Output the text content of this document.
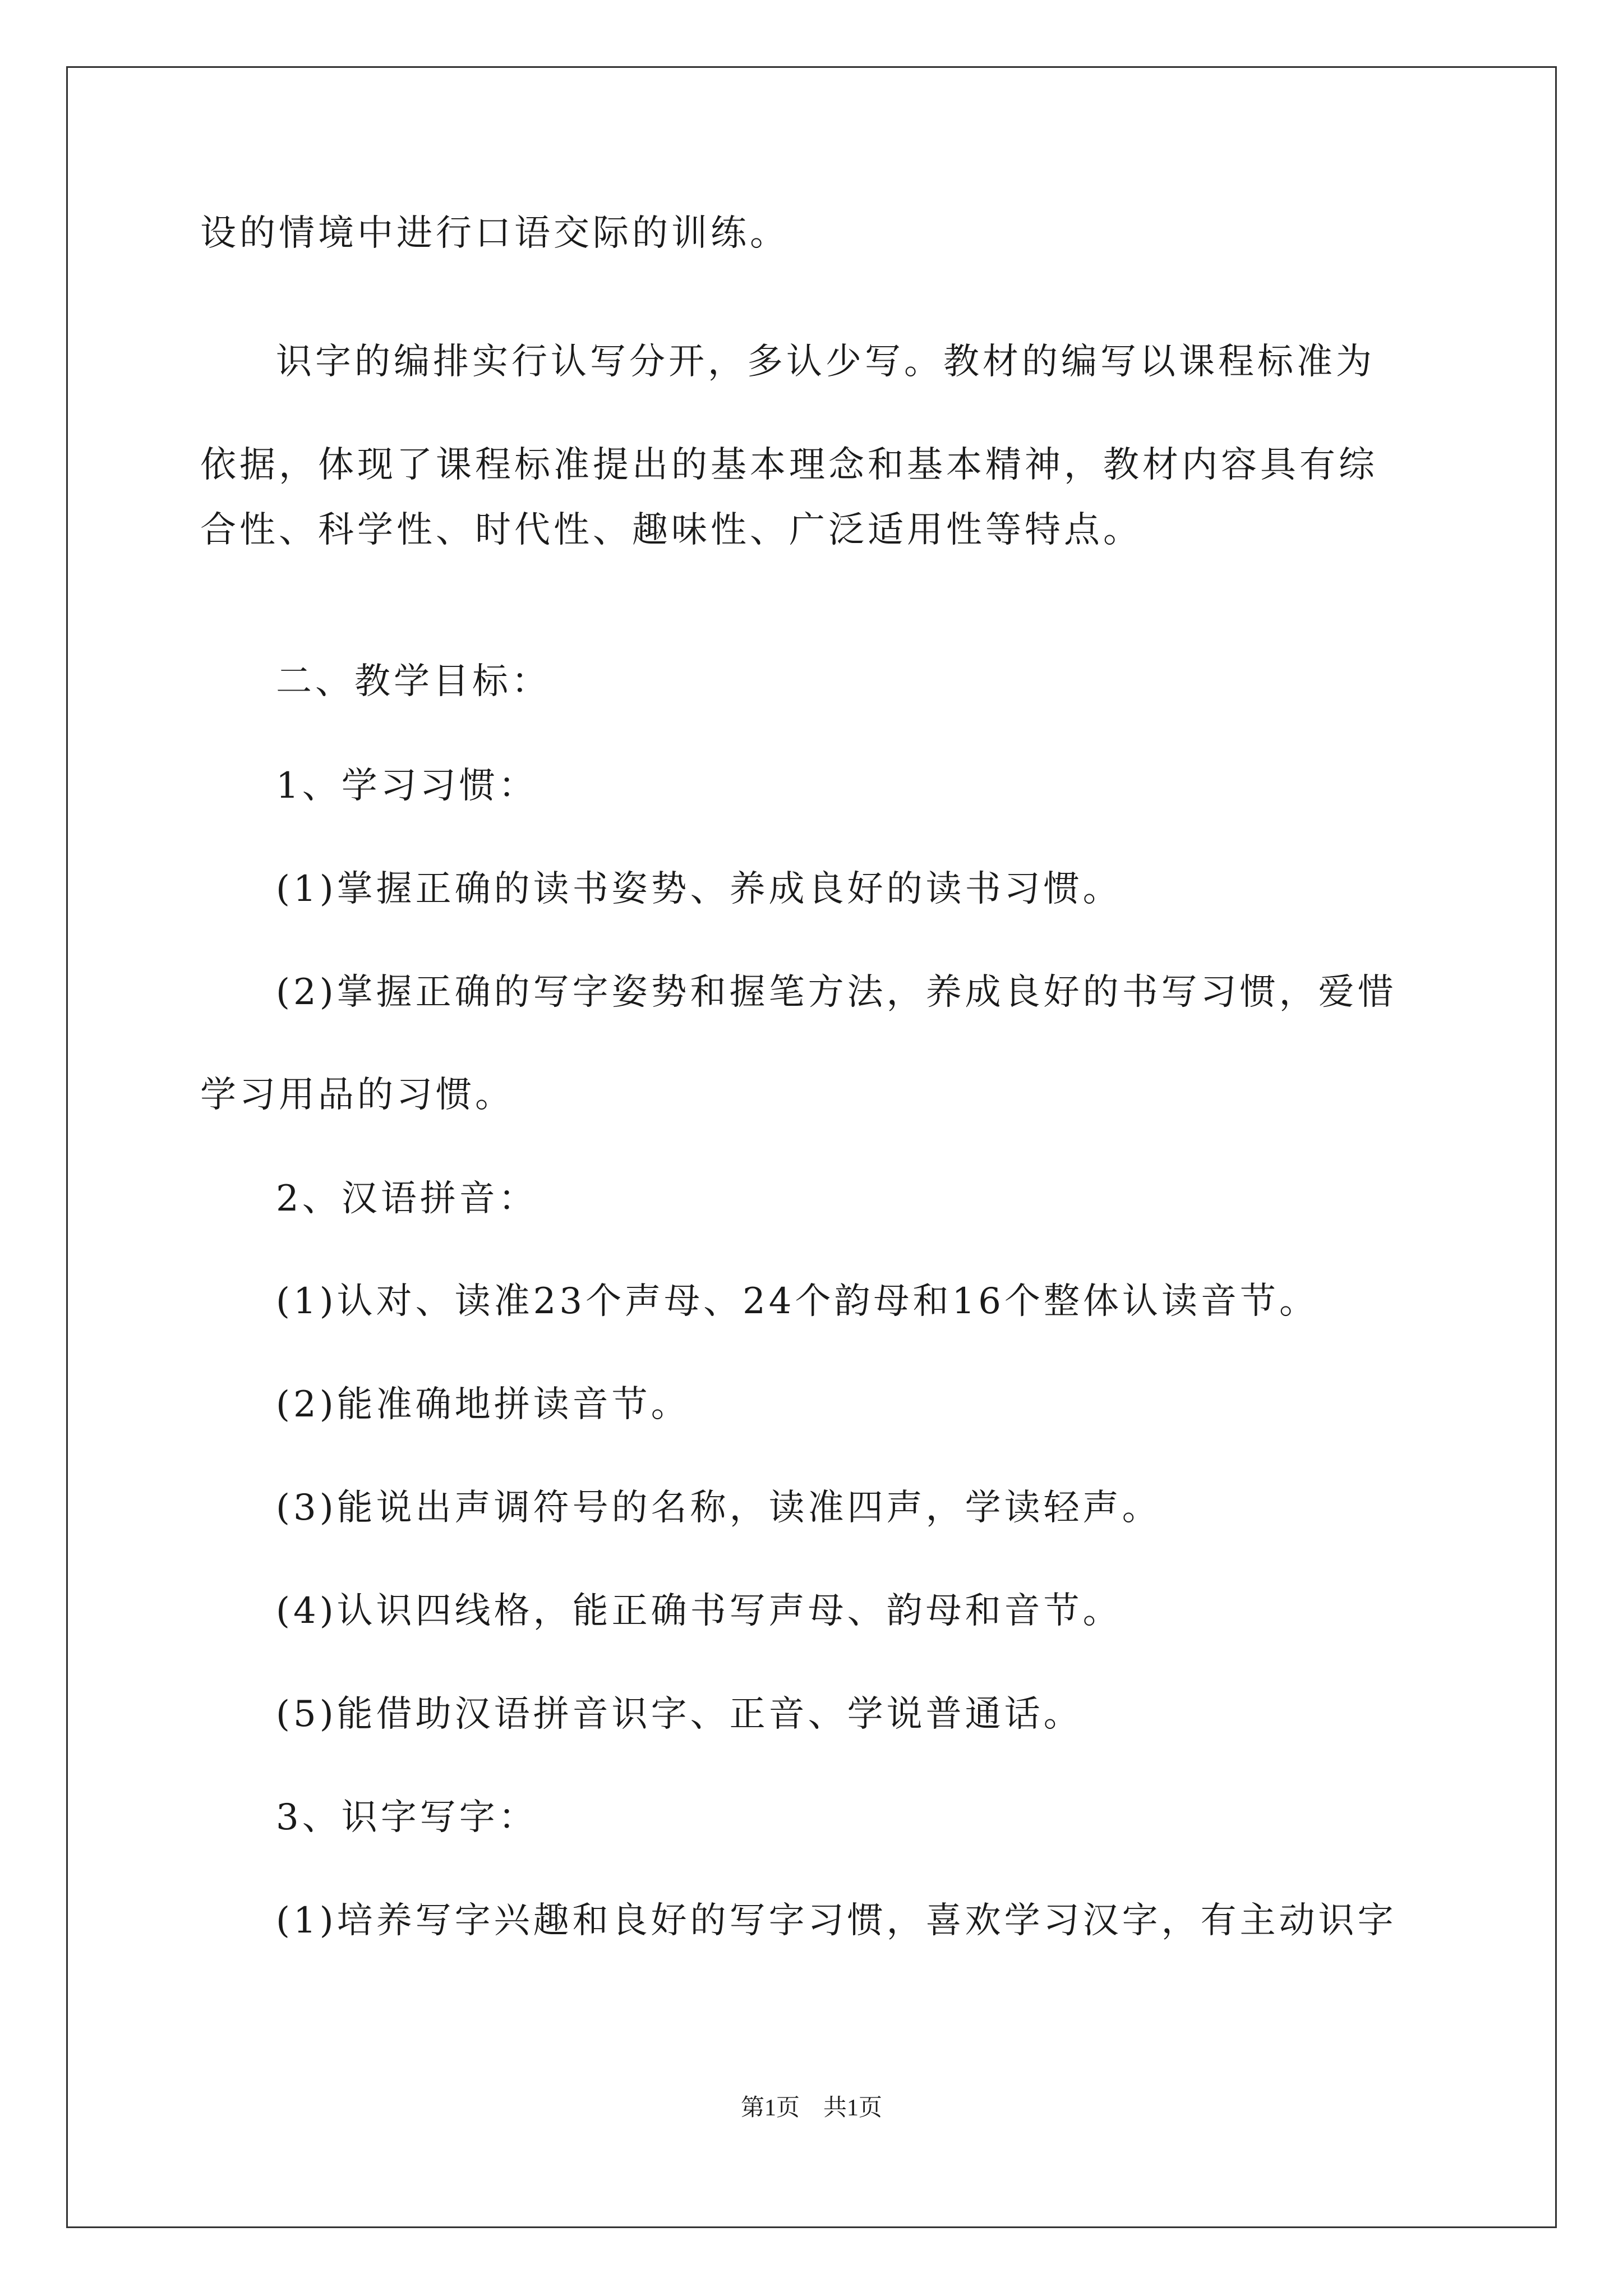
设的情境中进行口语交际的训练。
识字的编排实行认写分开，多认少写。教材的编写以课程标准为
依据，体现了课程标准提出的基本理念和基本精神，教材内容具有综
合性、科学性、时代性、趣味性、广泛适用性等特点。
二、教学目标：
1、学习习惯：
(1)掌握正确的读书姿势、养成良好的读书习惯。
(2)掌握正确的写字姿势和握笔方法，养成良好的书写习惯，爱惜
学习用品的习惯。
2、汉语拼音：
(1)认对、读准23个声母、24个韵母和16个整体认读音节。
(2)能准确地拼读音节。
(3)能说出声调符号的名称，读准四声，学读轻声。
(4)认识四线格，能正确书写声母、韵母和音节。
(5)能借助汉语拼音识字、正音、学说普通话。
3、识字写字：
(1)培养写字兴趣和良好的写字习惯，喜欢学习汉字，有主动识字
第1页　共1页
